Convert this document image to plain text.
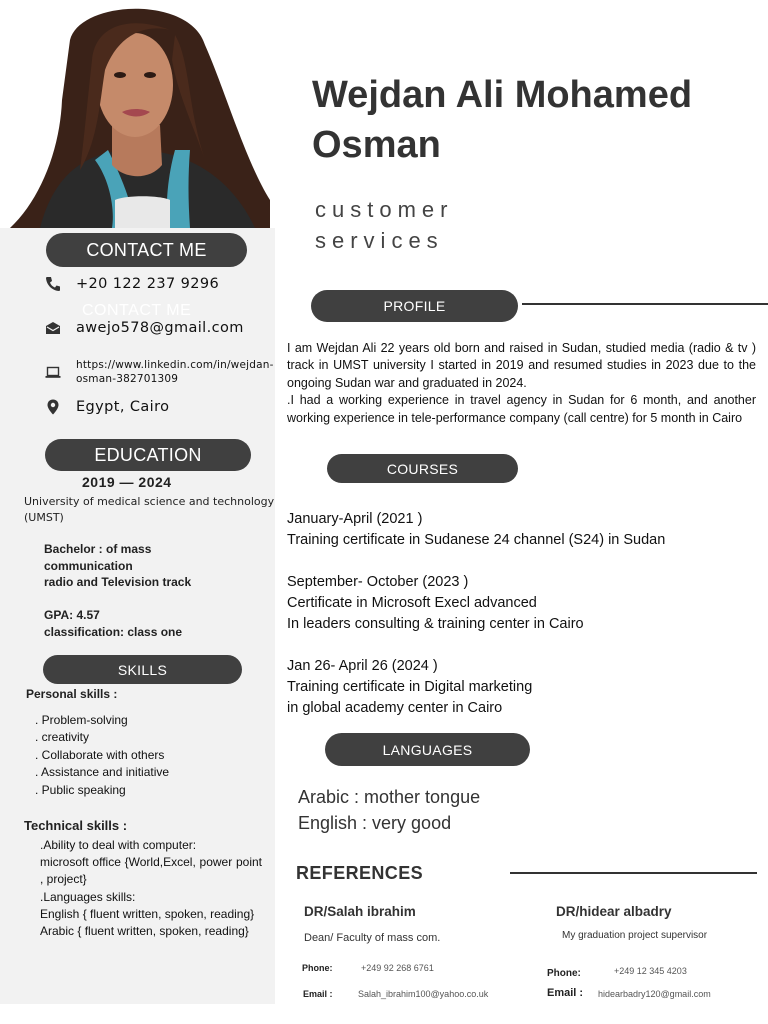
CONTACT ME
CONTACT ME
+20 122 237 9296
awejo578@gmail.com
https://www.linkedin.com/in/wejdan-osman-382701309
Egypt, Cairo
EDUCATION
2019 — 2024
University of medical science and technology (UMST)
Bachelor : of mass
communication
radio and Television track
GPA: 4.57
classification: class one
SKILLS
Personal skills :
. Problem-solving
. creativity
. Collaborate with others
. Assistance and initiative
. Public speaking
Technical skills :
.Ability to deal with computer:
microsoft office {World,Excel, power point , project}
.Languages skills:
English { fluent written, spoken, reading}
Arabic { fluent written, spoken, reading}
Wejdan Ali Mohamed Osman
customer services
PROFILE
I am Wejdan Ali 22 years old born and raised in Sudan, studied media (radio & tv ) track in UMST university I started in 2019 and resumed studies in 2023 due to the ongoing Sudan war and graduated in 2024.
.I had a working experience in travel agency in Sudan for 6 month, and another working experience in tele-performance company (call centre) for 5 month in Cairo
COURSES
January-April (2021 )
Training certificate in Sudanese 24 channel (S24) in Sudan
September- October (2023 )
Certificate in Microsoft Execl advanced
In leaders consulting & training center in Cairo
Jan 26- April 26 (2024 )
Training certificate in Digital marketing
in global academy center in Cairo
LANGUAGES
Arabic : mother tongue
English : very good
REFERENCES
DR/Salah ibrahim
Dean/ Faculty of mass com.
Phone:	+249 92 268 6761
Email :	Salah_ibrahim100@yahoo.co.uk
DR/hidear albadry
My graduation project supervisor
Phone:	+249 12 345 4203
Email : hidearbadry120@gmail.com
